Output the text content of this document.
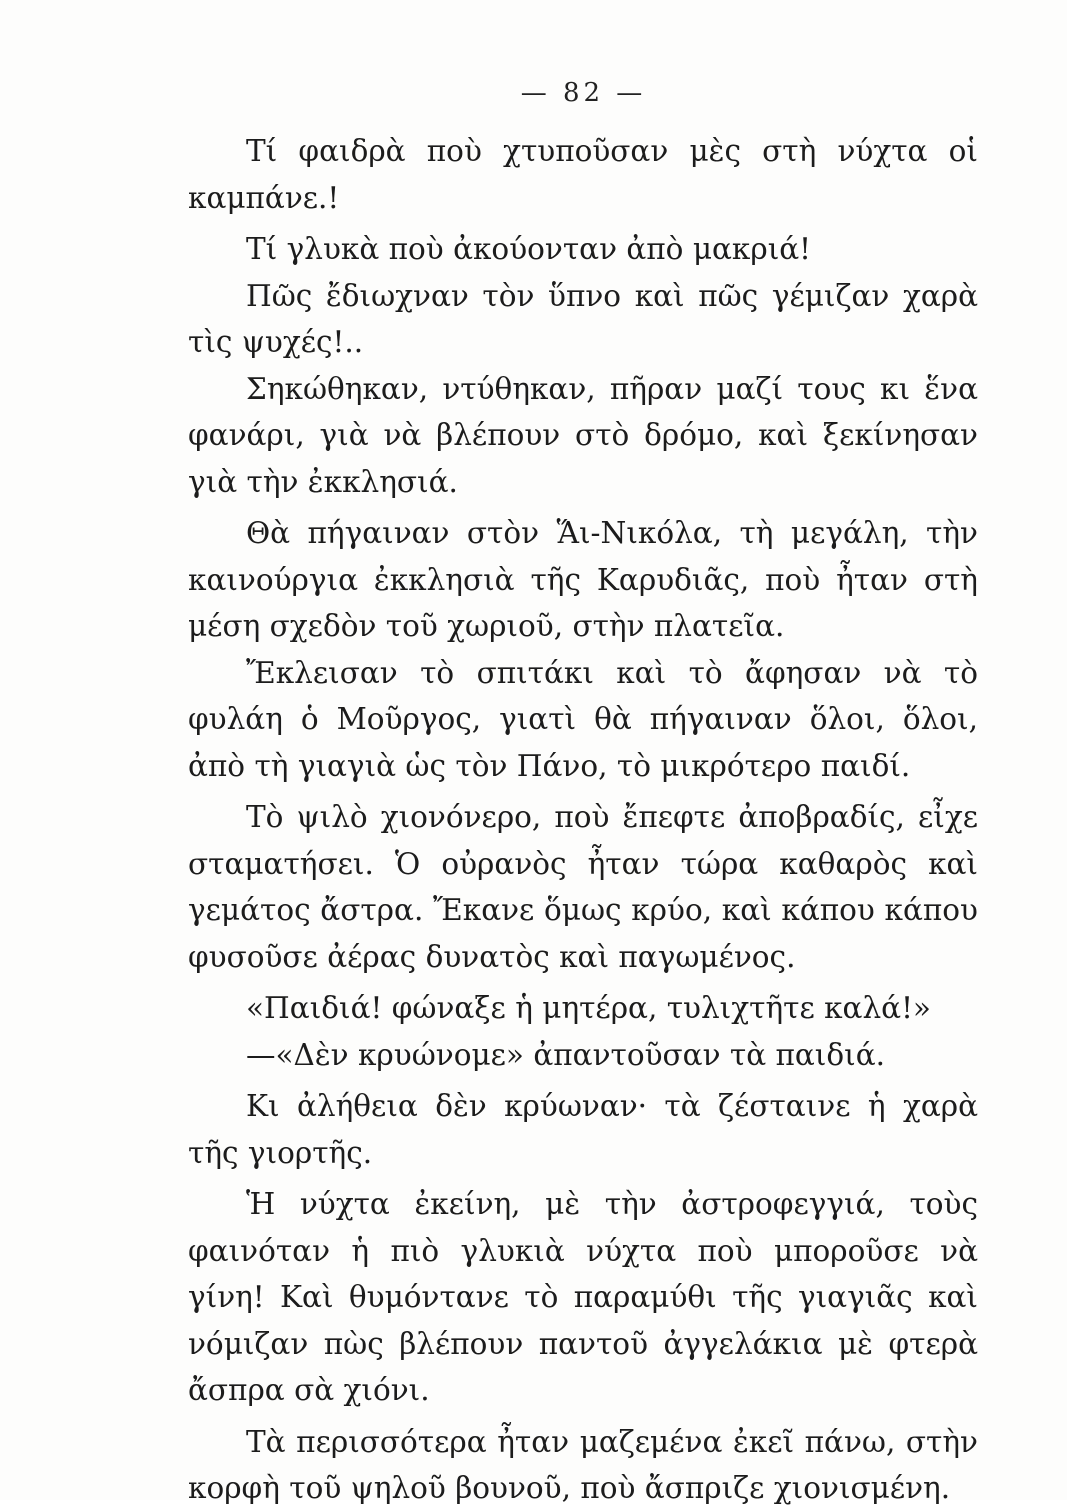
— 82 —

Τί φαιδρὰ ποὺ χτυποῦσαν μὲς στὴ νύχτα οἱ καμπάνε.!

Τί γλυκὰ ποὺ ἀκούονταν ἀπὸ μακριά!

Πῶς ἔδιωχναν τὸν ὕπνο καὶ πῶς γέμιζαν χαρὰ τὶς ψυχές!..

Σηκώθηκαν, ντύθηκαν, πῆραν μαζί τους κι ἕνα φανάρι, γιὰ νὰ βλέπουν στὸ δρόμο, καὶ ξεκίνησαν γιὰ τὴν ἐκκλησιά.

Θὰ πήγαιναν στὸν Ἅι-Νικόλα, τὴ μεγάλη, τὴν καινούργια ἐκκλησιὰ τῆς Καρυδιᾶς, ποὺ ἦταν στὴ μέση σχεδὸν τοῦ χωριοῦ, στὴν πλατεῖα.

Ἔκλεισαν τὸ σπιτάκι καὶ τὸ ἄφησαν νὰ τὸ φυλάη ὁ Μοῦργος, γιατὶ θὰ πήγαιναν ὅλοι, ὅλοι, ἀπὸ τὴ γιαγιὰ ὡς τὸν Πάνο, τὸ μικρότερο παιδί.

Τὸ ψιλὸ χιονόνερο, ποὺ ἔπεφτε ἀποβραδίς, εἶχε σταματήσει. Ὁ οὐρανὸς ἦταν τώρα καθαρὸς καὶ γεμάτος ἄστρα. Ἔκανε ὅμως κρύο, καὶ κάπου κάπου φυσοῦσε ἀέρας δυνατὸς καὶ παγωμένος.

«Παιδιά! φώναξε ἡ μητέρα, τυλιχτῆτε καλά!»

—«Δὲν κρυώνομε» ἀπαντοῦσαν τὰ παιδιά.

Κι ἀλήθεια δὲν κρύωναν· τὰ ζέσταινε ἡ χαρὰ τῆς γιορτῆς.

Ἡ νύχτα ἐκείνη, μὲ τὴν ἀστροφεγγιά, τοὺς φαινόταν ἡ πιὸ γλυκιὰ νύχτα ποὺ μποροῦσε νὰ γίνη! Καὶ θυμόντανε τὸ παραμύθι τῆς γιαγιᾶς καὶ νόμιζαν πὼς βλέπουν παντοῦ ἀγγελάκια μὲ φτερὰ ἄσπρα σὰ χιόνι.

Τὰ περισσότερα ἦταν μαζεμένα ἐκεῖ πάνω, στὴν κορφὴ τοῦ ψηλοῦ βουνοῦ, ποὺ ἄσπριζε χιονισμένη.
